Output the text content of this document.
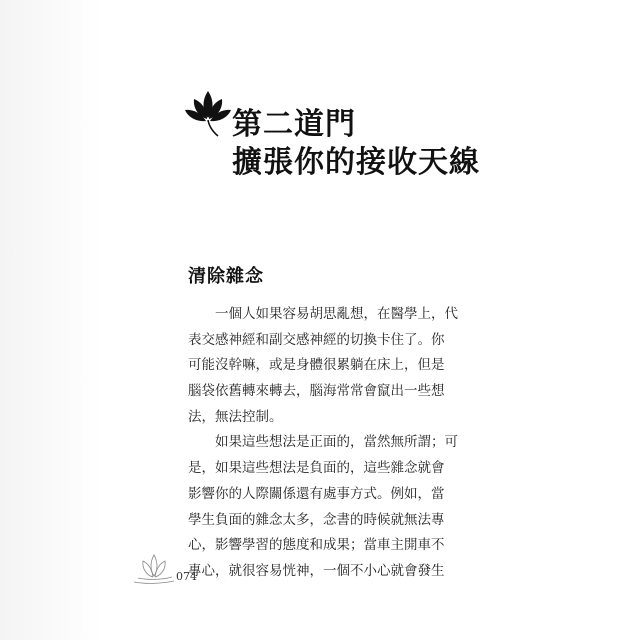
第二道門
擴張你的接收天線
清除雜念
一個人如果容易胡思亂想，在醫學上，代
表交感神經和副交感神經的切換卡住了。你
可能沒幹嘛，或是身體很累躺在床上，但是
腦袋依舊轉來轉去，腦海常常會竄出一些想
法，無法控制。
如果這些想法是正面的，當然無所謂；可
是，如果這些想法是負面的，這些雜念就會
影響你的人際關係還有處事方式。例如，當
學生負面的雜念太多，念書的時候就無法專
心，影響學習的態度和成果；當車主開車不
專心，就很容易恍神，一個不小心就會發生
074
